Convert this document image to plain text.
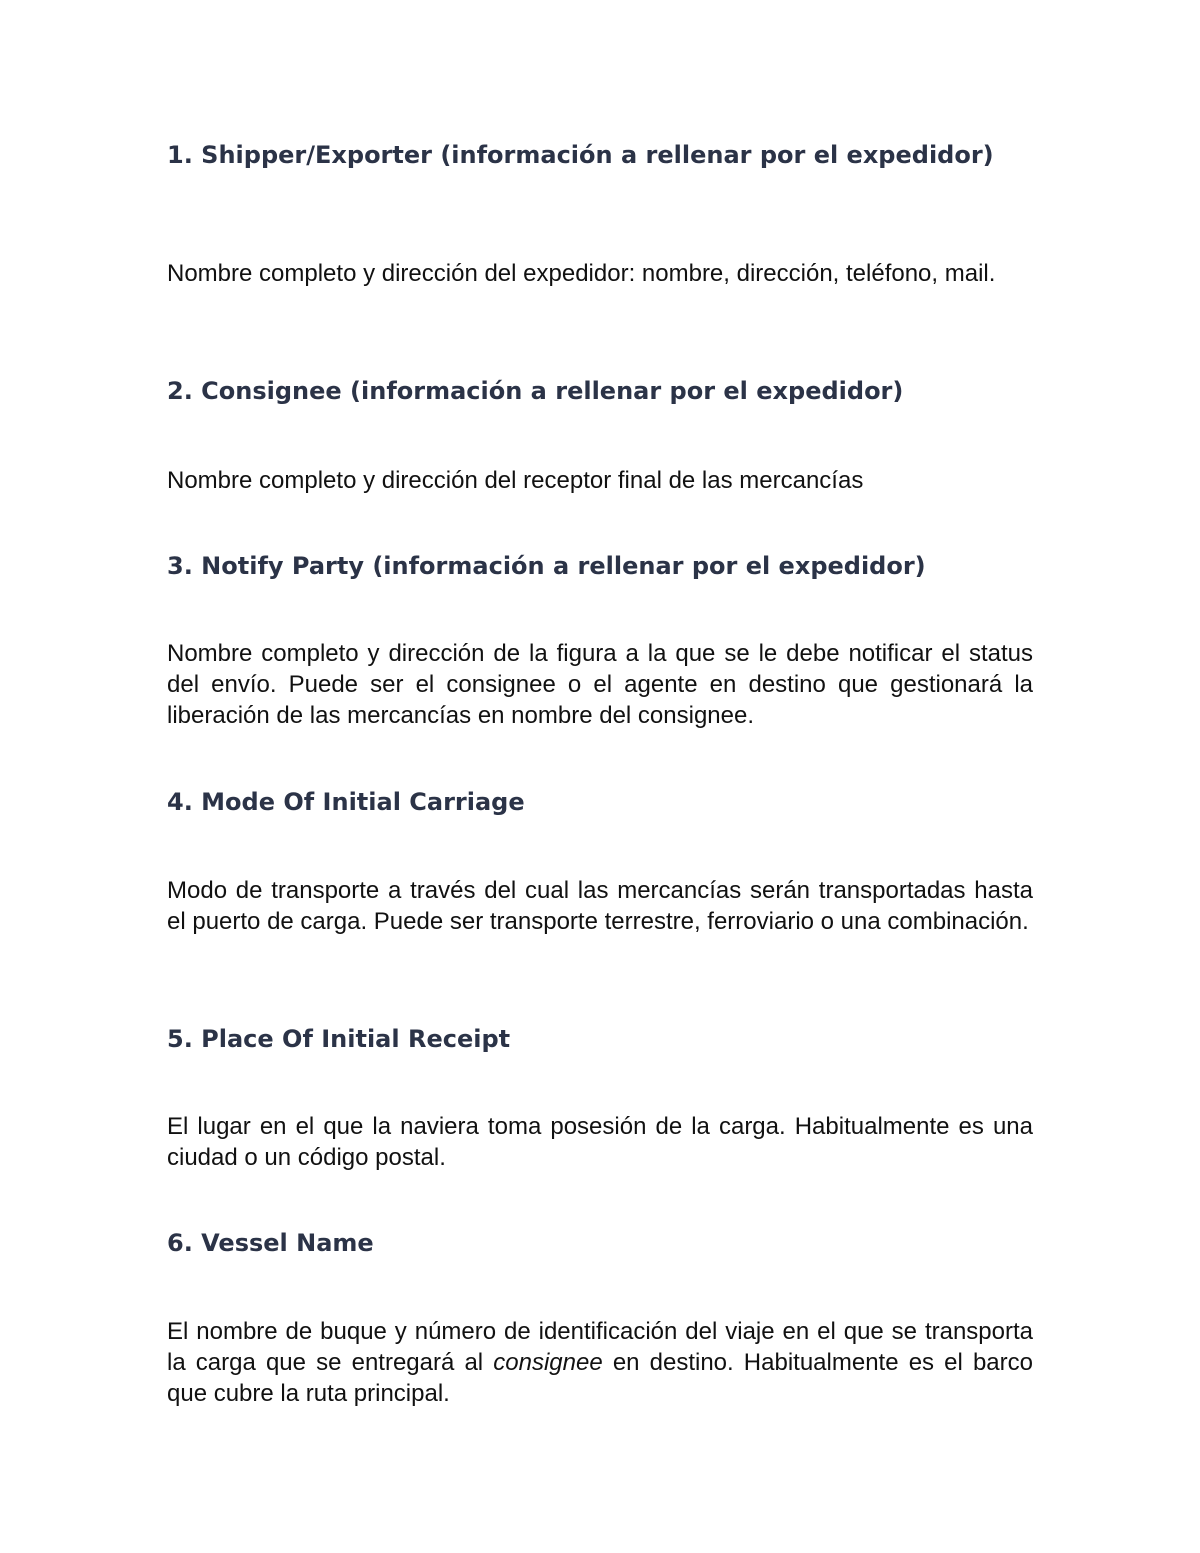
1. Shipper/Exporter (información a rellenar por el expedidor)

Nombre completo y dirección del expedidor: nombre, dirección, teléfono, mail.

2. Consignee (información a rellenar por el expedidor)

Nombre completo y dirección del receptor final de las mercancías

3. Notify Party (información a rellenar por el expedidor)

Nombre completo y dirección de la figura a la que se le debe notificar el status del envío. Puede ser el consignee o el agente en destino que gestionará la liberación de las mercancías en nombre del consignee.

4. Mode Of Initial Carriage

Modo de transporte a través del cual las mercancías serán transportadas hasta el puerto de carga. Puede ser transporte terrestre, ferroviario o una combinación.

5. Place Of Initial Receipt

El lugar en el que la naviera toma posesión de la carga. Habitualmente es una ciudad o un código postal.

6. Vessel Name

El nombre de buque y número de identificación del viaje en el que se transporta la carga que se entregará al consignee en destino. Habitualmente es el barco que cubre la ruta principal.
